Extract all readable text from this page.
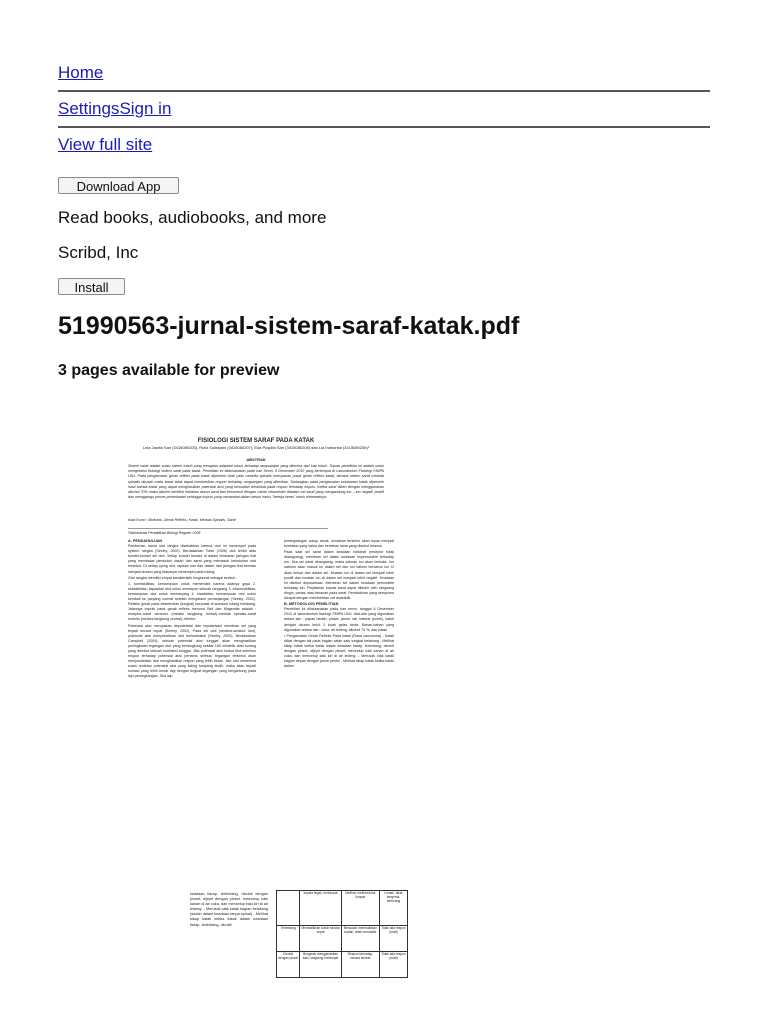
Home
SettingsSign in
View full site
Download App
Read books, audiobooks, and more
Scribd, Inc
Install
51990563-jurnal-sistem-saraf-katak.pdf
3 pages available for preview
FISIOLOGI SISTEM SARAF PADA KATAK
Lela Jawita Sari (3415080205), Rizki Sulistyani (3415080207), Eka Puspita Sari (3415080208) dan Lia Indrianita (3415080256)¹
ABSTRAK
Sistem saraf adalah suatu sistem tubuh yang mengatur adaptasi tubuh terhadap rangsangan yang diterima dari luar tubuh. Tujuan penelitian ini adalah untuk mengetahui fisiologi sistem saraf pada katak. Penelitian ini dilaksanakan pada hari Senin, 6 Desember 2010 yang bertempat di Laboratorium Fisiologi FMIPA UNJ. Pada pengamatan gerak refleks pada katak diperoleh hasil yaitu medulla spinalis merupakan pusat gerak refleks katak, dimana sistem saraf medulla spinalis dirusak maka katak tidak dapat memberikan respon terhadap rangsangan yang diberikan. Sedangkan pada pengamatan ketahanan katak diperoleh hasil bahwa katak yang dapat menghasilkan potensial aksi yang kemudian berakibat pada respon terhadap impuls. Ketika saraf diberi dengan menggunakan alkohol 70% maka alkohol berefluk kedalam akson saraf dan bersentuh dengan cairan intraseluler didalam sel saraf yang mengandung ion – ion negatif, positif dan menggangu proses perambatan sehingga impuls yang menambat dalam akson harus "belerja keras" untuk melewatinya.
Kata Kunci : Biolistrik, Gerak Refleks, Katak, Medula Spinalis, Saraf
¹Mahasiswa Pendidikan Biologi Reguler 2008
A. PENDAHULUAN

Pemberian nama otot rangka disebabkan karena otot ini menempel pada system rangka (Seeley, 2002). Berdasarkan Tobin (2006) otot terdiri atas bundel-bundel sel otot. Setiap bundel berada di dalam lembaran jaringan ikat yang membawa pembuluh darah dan saraf yang memasok kebutuhan otot tersebut. Di setiap ujung otot, lapisan luar dan dalam dari jaringan ikat bersatu menjadi tendon yang biasanya menempel pada tulang.

Otot rangka memiliki empat karakteristik fungsional sebagai berikut :

1. kontraktilitas; kemampuan untuk memendek karena adanya gaya 2. eksitabilitas; kapasitas otot untuk merespon sebuah rangsang 3. ekstensibilitas; kemampuan otot untuk memanjang 4. elastisitas; kemampuan otot untuk kembali ke panjang normal setelah mengalami pemanjangan (Seeley, 2002). Refleks gerak pada ekstremitas (tungkai) berpusat di sumsum tulang belakang. Jalannya impuls pada gerak refleks menurut Bell dan Magendie adalah : reseptor–saraf sensoris (melalui tangkung dorsal)–medula spinalis–saraf motoris (melalui tangkung ventral)–efektor.

Potensial aksi merupakan depolarisasi dan repolarisasi membran sel yang terjadi secara cepat (Seeley, 2002). Pada sel otot (serabut-serabut otot), potensial aksi menyebabkan otot berkontraksi (Seeley, 2002). Berdasarkan Campbell (2004), sebuah potensial aksi tunggal akan menghasilkan peningkatan tegangan otot yang berlangsung sekitar 100 milidetik atau kurang yang disebut sebuah kontraksi tunggal. Jika potensial aksi kedua tiba sebelum respon terhadap potensial aksi pertama selesai, tegangan tersebut akan menjumlahkan dan menghasilkan respon yang lebih besar. Jika otot menerima suatu rentetan potensial aksi yang saling tumpang tindih, maka akan terjadi sumasi yang lebih besar lagi dengan tingkat tegangan yang bergantung pada laju perangsangan. Jika laju

perangsangan cukup cepat, sentakan tersebut akan lepas menjadi kontraksi yang halus dan bertahan lama yang disebut tetanus.

Pada saat sel saraf dalam keadaan istirahat (reseptor tidak dirangsang), membran sel dalam keadaan impermeable terhadap ion. Jika sel saraf dirangsang, maka saluran ion akan terbuka. Ion natrium akan masuk ke dalam sel dan ion kalium bersama ion Cl akan keluar dari dalam sel. Muatan ion di dalam sel menjadi lebih positif dan muatan ion di dalam sel menjadi lebih negatif. Keadaan ini disebut depolarisasi. Membran sel dalam keadaan permeable terhadap ion. Perjalanan impuls saraf dapat dibloklr oleh rangsang dingin, panas, atau tekanan pada saraf. Pembiokiran yang sempurna dicapai dengan memberikan zat anastetik.

B. METODOLOGI PENELITIAN

Penelitian ini dilaksanakan pada hari senin, tanggal 6 Desember 2010 di laboratorium fisiologi FMIPA UNJ. Alat-alat yang digunakan antara lain : papan bedah, pinset, jarum, tali, baterai (korek), kabel dengan ukuran kecil, 2 buah gelas kimia. Bahan-bahan yang digunakan antara lain : cuka, air ledeng, alkohol 70 %, dan katak.

• Pengamatan Gerak Refleks Pada katak (Rana cancrivora) - Katak diikat dengan tali pada bagian salah satu tungkai belakang - Melihat sikap katak ketika katak dalam keadaan tiarap, terlentang, dicubit dengan pinset, dijepit dengan pinset, mencelup kaki kanan di air cuka, dan mencelup kaki kiri di air ledeng. - Merusak otak katak bagian depan dengan jarum pentul - Melihat sikap katak ketika katak dalam

keadaan tiarap, terlentang, dicubit dengan pinset, dijepit dengan pinset, mencelup kaki kanan di air cuka, dan mencelup kaki kiri di air ledeng. - Merusak otak katak bagian belakang (sudah dalam keadaan tanpa spinal) - Melihat sikap katak ketika katak dalam keadaan tiarap, terlentang, dicubit
	kepala tegak, melompat	Melihat, melihat tidak lompat	Lemah, tidak bergerak, berenang
Terlentang	Membalikkan tubuh secara cepat	Bersusah membalikkan badan, tidak membalik	Tidak ada respon (mati)
Dicubit dengan pinset	Bergerak menggerakkan kaki, langsung melompat	Respon terhadap, secara lambat	Tidak ada respon (mati)
